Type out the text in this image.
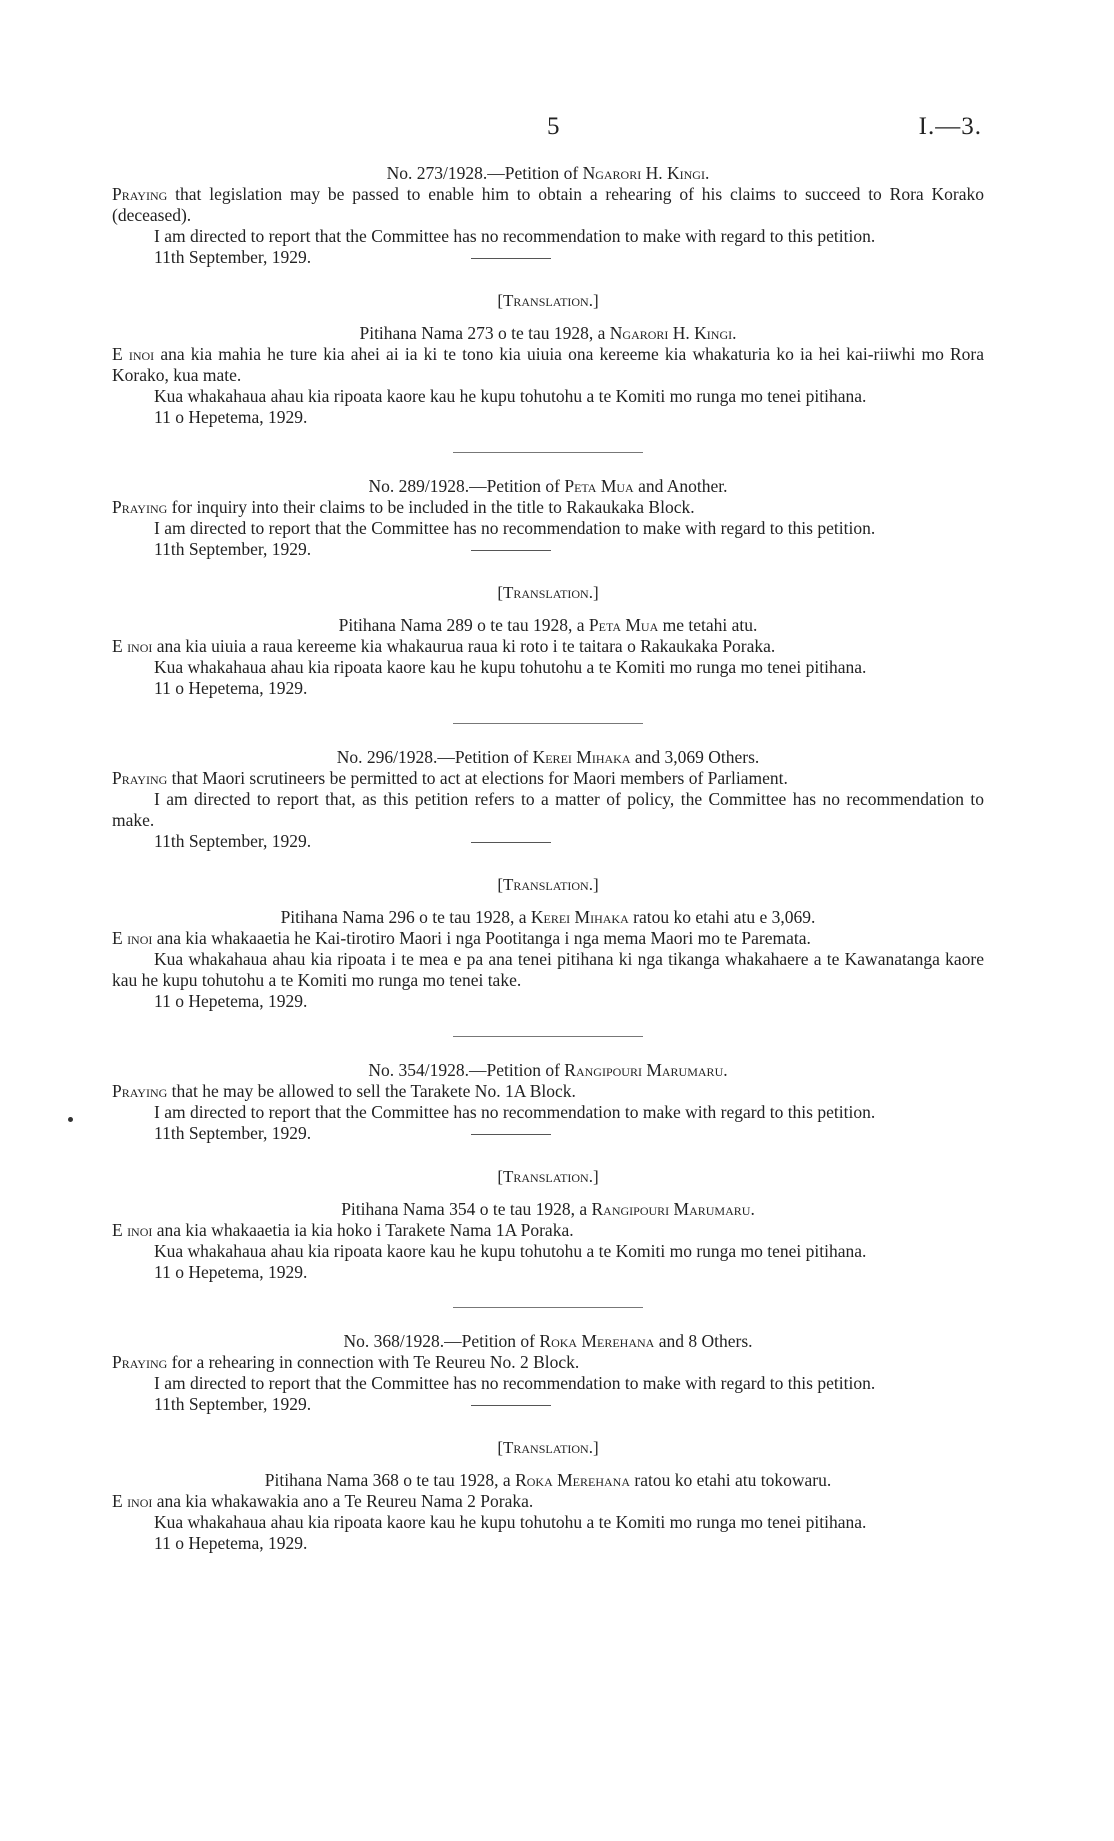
5	I.—3.

No. 273/1928.—Petition of Ngarori H. Kingi.

Praying that legislation may be passed to enable him to obtain a rehearing of his claims to succeed to Rora Korako (deceased).

I am directed to report that the Committee has no recommendation to make with regard to this petition.

11th September, 1929.

[Translation.]

Pitihana Nama 273 o te tau 1928, a Ngarori H. Kingi.

E inoi ana kia mahia he ture kia ahei ai ia ki te tono kia uiuia ona kereeme kia whakaturia ko ia hei kai-riiwhi mo Rora Korako, kua mate.

Kua whakahaua ahau kia ripoata kaore kau he kupu tohutohu a te Komiti mo runga mo tenei pitihana.

11 o Hepetema, 1929.

No. 289/1928.—Petition of Peta Mua and Another.

Praying for inquiry into their claims to be included in the title to Rakaukaka Block.

I am directed to report that the Committee has no recommendation to make with regard to this petition.

11th September, 1929.

[Translation.]

Pitihana Nama 289 o te tau 1928, a Peta Mua me tetahi atu.

E inoi ana kia uiuia a raua kereeme kia whakaurua raua ki roto i te taitara o Rakaukaka Poraka.

Kua whakahaua ahau kia ripoata kaore kau he kupu tohutohu a te Komiti mo runga mo tenei pitihana.

11 o Hepetema, 1929.

No. 296/1928.—Petition of Kerei Mihaka and 3,069 Others.

Praying that Maori scrutineers be permitted to act at elections for Maori members of Parliament.

I am directed to report that, as this petition refers to a matter of policy, the Committee has no recommendation to make.

11th September, 1929.

[Translation.]

Pitihana Nama 296 o te tau 1928, a Kerei Mihaka ratou ko etahi atu e 3,069.

E inoi ana kia whakaaetia he Kai-tirotiro Maori i nga Pootitanga i nga mema Maori mo te Paremata.

Kua whakahaua ahau kia ripoata i te mea e pa ana tenei pitihana ki nga tikanga whakahaere a te Kawanatanga kaore kau he kupu tohutohu a te Komiti mo runga mo tenei take.

11 o Hepetema, 1929.

No. 354/1928.—Petition of Rangipouri Marumaru.

Praying that he may be allowed to sell the Tarakete No. 1A Block.

I am directed to report that the Committee has no recommendation to make with regard to this petition.

11th September, 1929.

[Translation.]

Pitihana Nama 354 o te tau 1928, a Rangipouri Marumaru.

E inoi ana kia whakaaetia ia kia hoko i Tarakete Nama 1A Poraka.

Kua whakahaua ahau kia ripoata kaore kau he kupu tohutohu a te Komiti mo runga mo tenei pitihana.

11 o Hepetema, 1929.

No. 368/1928.—Petition of Roka Merehana and 8 Others.

Praying for a rehearing in connection with Te Reureu No. 2 Block.

I am directed to report that the Committee has no recommendation to make with regard to this petition.

11th September, 1929.

[Translation.]

Pitihana Nama 368 o te tau 1928, a Roka Merehana ratou ko etahi atu tokowaru.

E inoi ana kia whakawakia ano a Te Reureu Nama 2 Poraka.

Kua whakahaua ahau kia ripoata kaore kau he kupu tohutohu a te Komiti mo runga mo tenei pitihana.

11 o Hepetema, 1929.
